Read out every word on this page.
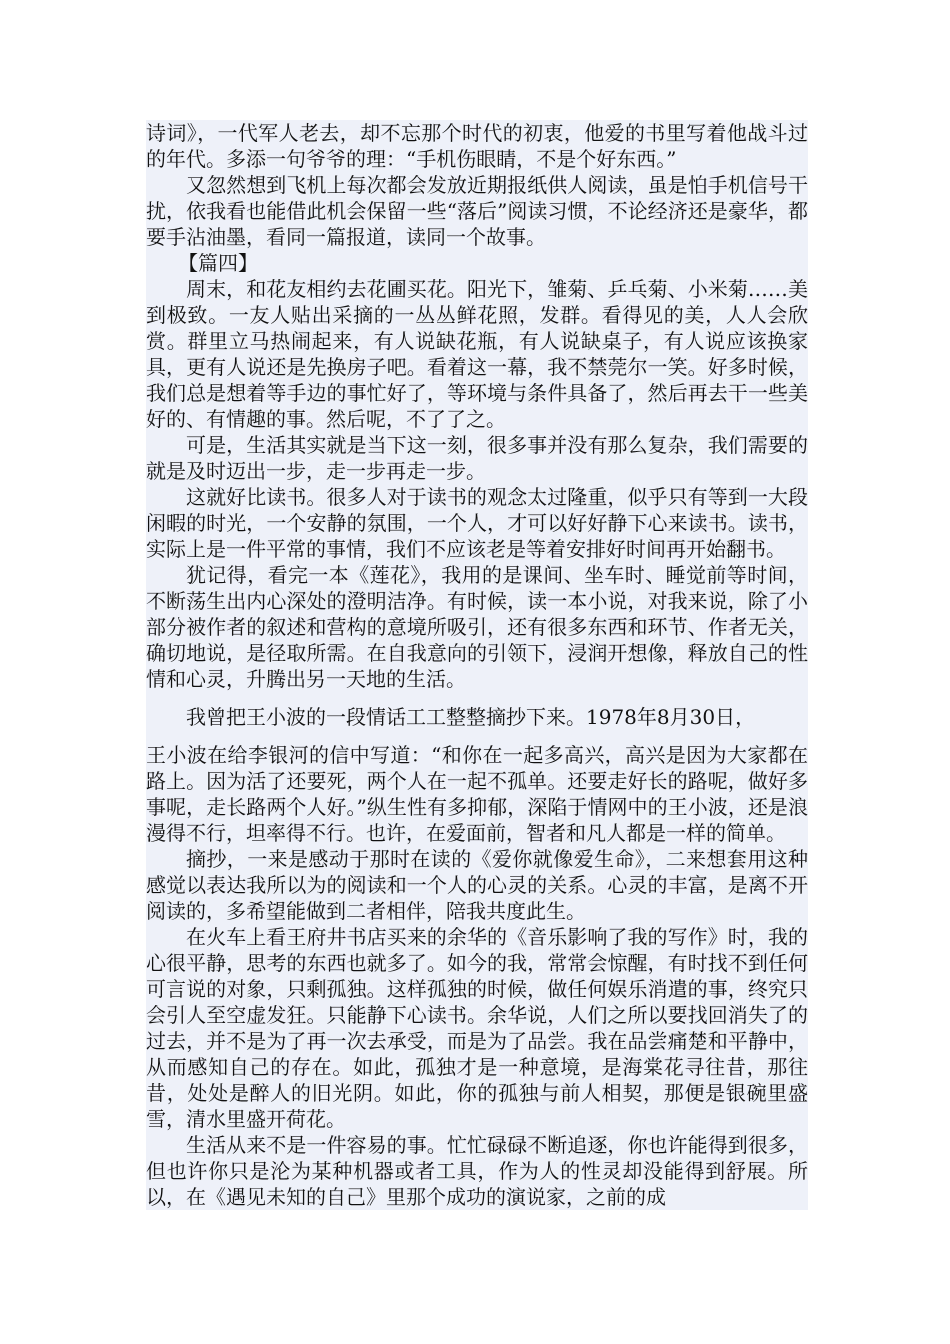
诗词》，一代军人老去，却不忘那个时代的初衷，他爱的书里写着他战斗过的年代。多添一句爷爷的理：“手机伤眼睛，不是个好东西。”

又忽然想到飞机上每次都会发放近期报纸供人阅读，虽是怕手机信号干扰，依我看也能借此机会保留一些“落后”阅读习惯，不论经济还是豪华，都要手沾油墨，看同一篇报道，读同一个故事。

【篇四】

周末，和花友相约去花圃买花。阳光下，雏菊、乒乓菊、小米菊……美到极致。一友人贴出采摘的一丛丛鲜花照，发群。看得见的美，人人会欣赏。群里立马热闹起来，有人说缺花瓶，有人说缺桌子，有人说应该换家具，更有人说还是先换房子吧。看着这一幕，我不禁莞尔一笑。好多时候，我们总是想着等手边的事忙好了，等环境与条件具备了，然后再去干一些美好的、有情趣的事。然后呢，不了了之。

可是，生活其实就是当下这一刻，很多事并没有那么复杂，我们需要的就是及时迈出一步，走一步再走一步。

这就好比读书。很多人对于读书的观念太过隆重，似乎只有等到一大段闲暇的时光，一个安静的氛围，一个人，才可以好好静下心来读书。读书，实际上是一件平常的事情，我们不应该老是等着安排好时间再开始翻书。

犹记得，看完一本《莲花》，我用的是课间、坐车时、睡觉前等时间，不断荡生出内心深处的澄明洁净。有时候，读一本小说，对我来说，除了小部分被作者的叙述和营构的意境所吸引，还有很多东西和环节、作者无关，确切地说，是径取所需。在自我意向的引领下，浸润开想像，释放自己的性情和心灵，升腾出另一天地的生活。

我曾把王小波的一段情话工工整整摘抄下来。1978年8月30日，

王小波在给李银河的信中写道：“和你在一起多高兴，高兴是因为大家都在路上。因为活了还要死，两个人在一起不孤单。还要走好长的路呢，做好多事呢，走长路两个人好。”纵生性有多抑郁，深陷于情网中的王小波，还是浪漫得不行，坦率得不行。也许，在爱面前，智者和凡人都是一样的简单。

摘抄，一来是感动于那时在读的《爱你就像爱生命》，二来想套用这种感觉以表达我所以为的阅读和一个人的心灵的关系。心灵的丰富，是离不开阅读的，多希望能做到二者相伴，陪我共度此生。

在火车上看王府井书店买来的余华的《音乐影响了我的写作》时，我的心很平静，思考的东西也就多了。如今的我，常常会惊醒，有时找不到任何可言说的对象，只剩孤独。这样孤独的时候，做任何娱乐消遣的事，终究只会引人至空虚发狂。只能静下心读书。余华说，人们之所以要找回消失了的过去，并不是为了再一次去承受，而是为了品尝。我在品尝痛楚和平静中，从而感知自己的存在。如此，孤独才是一种意境，是海棠花寻往昔，那往昔，处处是醉人的旧光阴。如此，你的孤独与前人相契，那便是银碗里盛雪，清水里盛开荷花。

生活从来不是一件容易的事。忙忙碌碌不断追逐，你也许能得到很多，但也许你只是沦为某种机器或者工具，作为人的性灵却没能得到舒展。所以，在《遇见未知的自己》里那个成功的演说家，之前的成
